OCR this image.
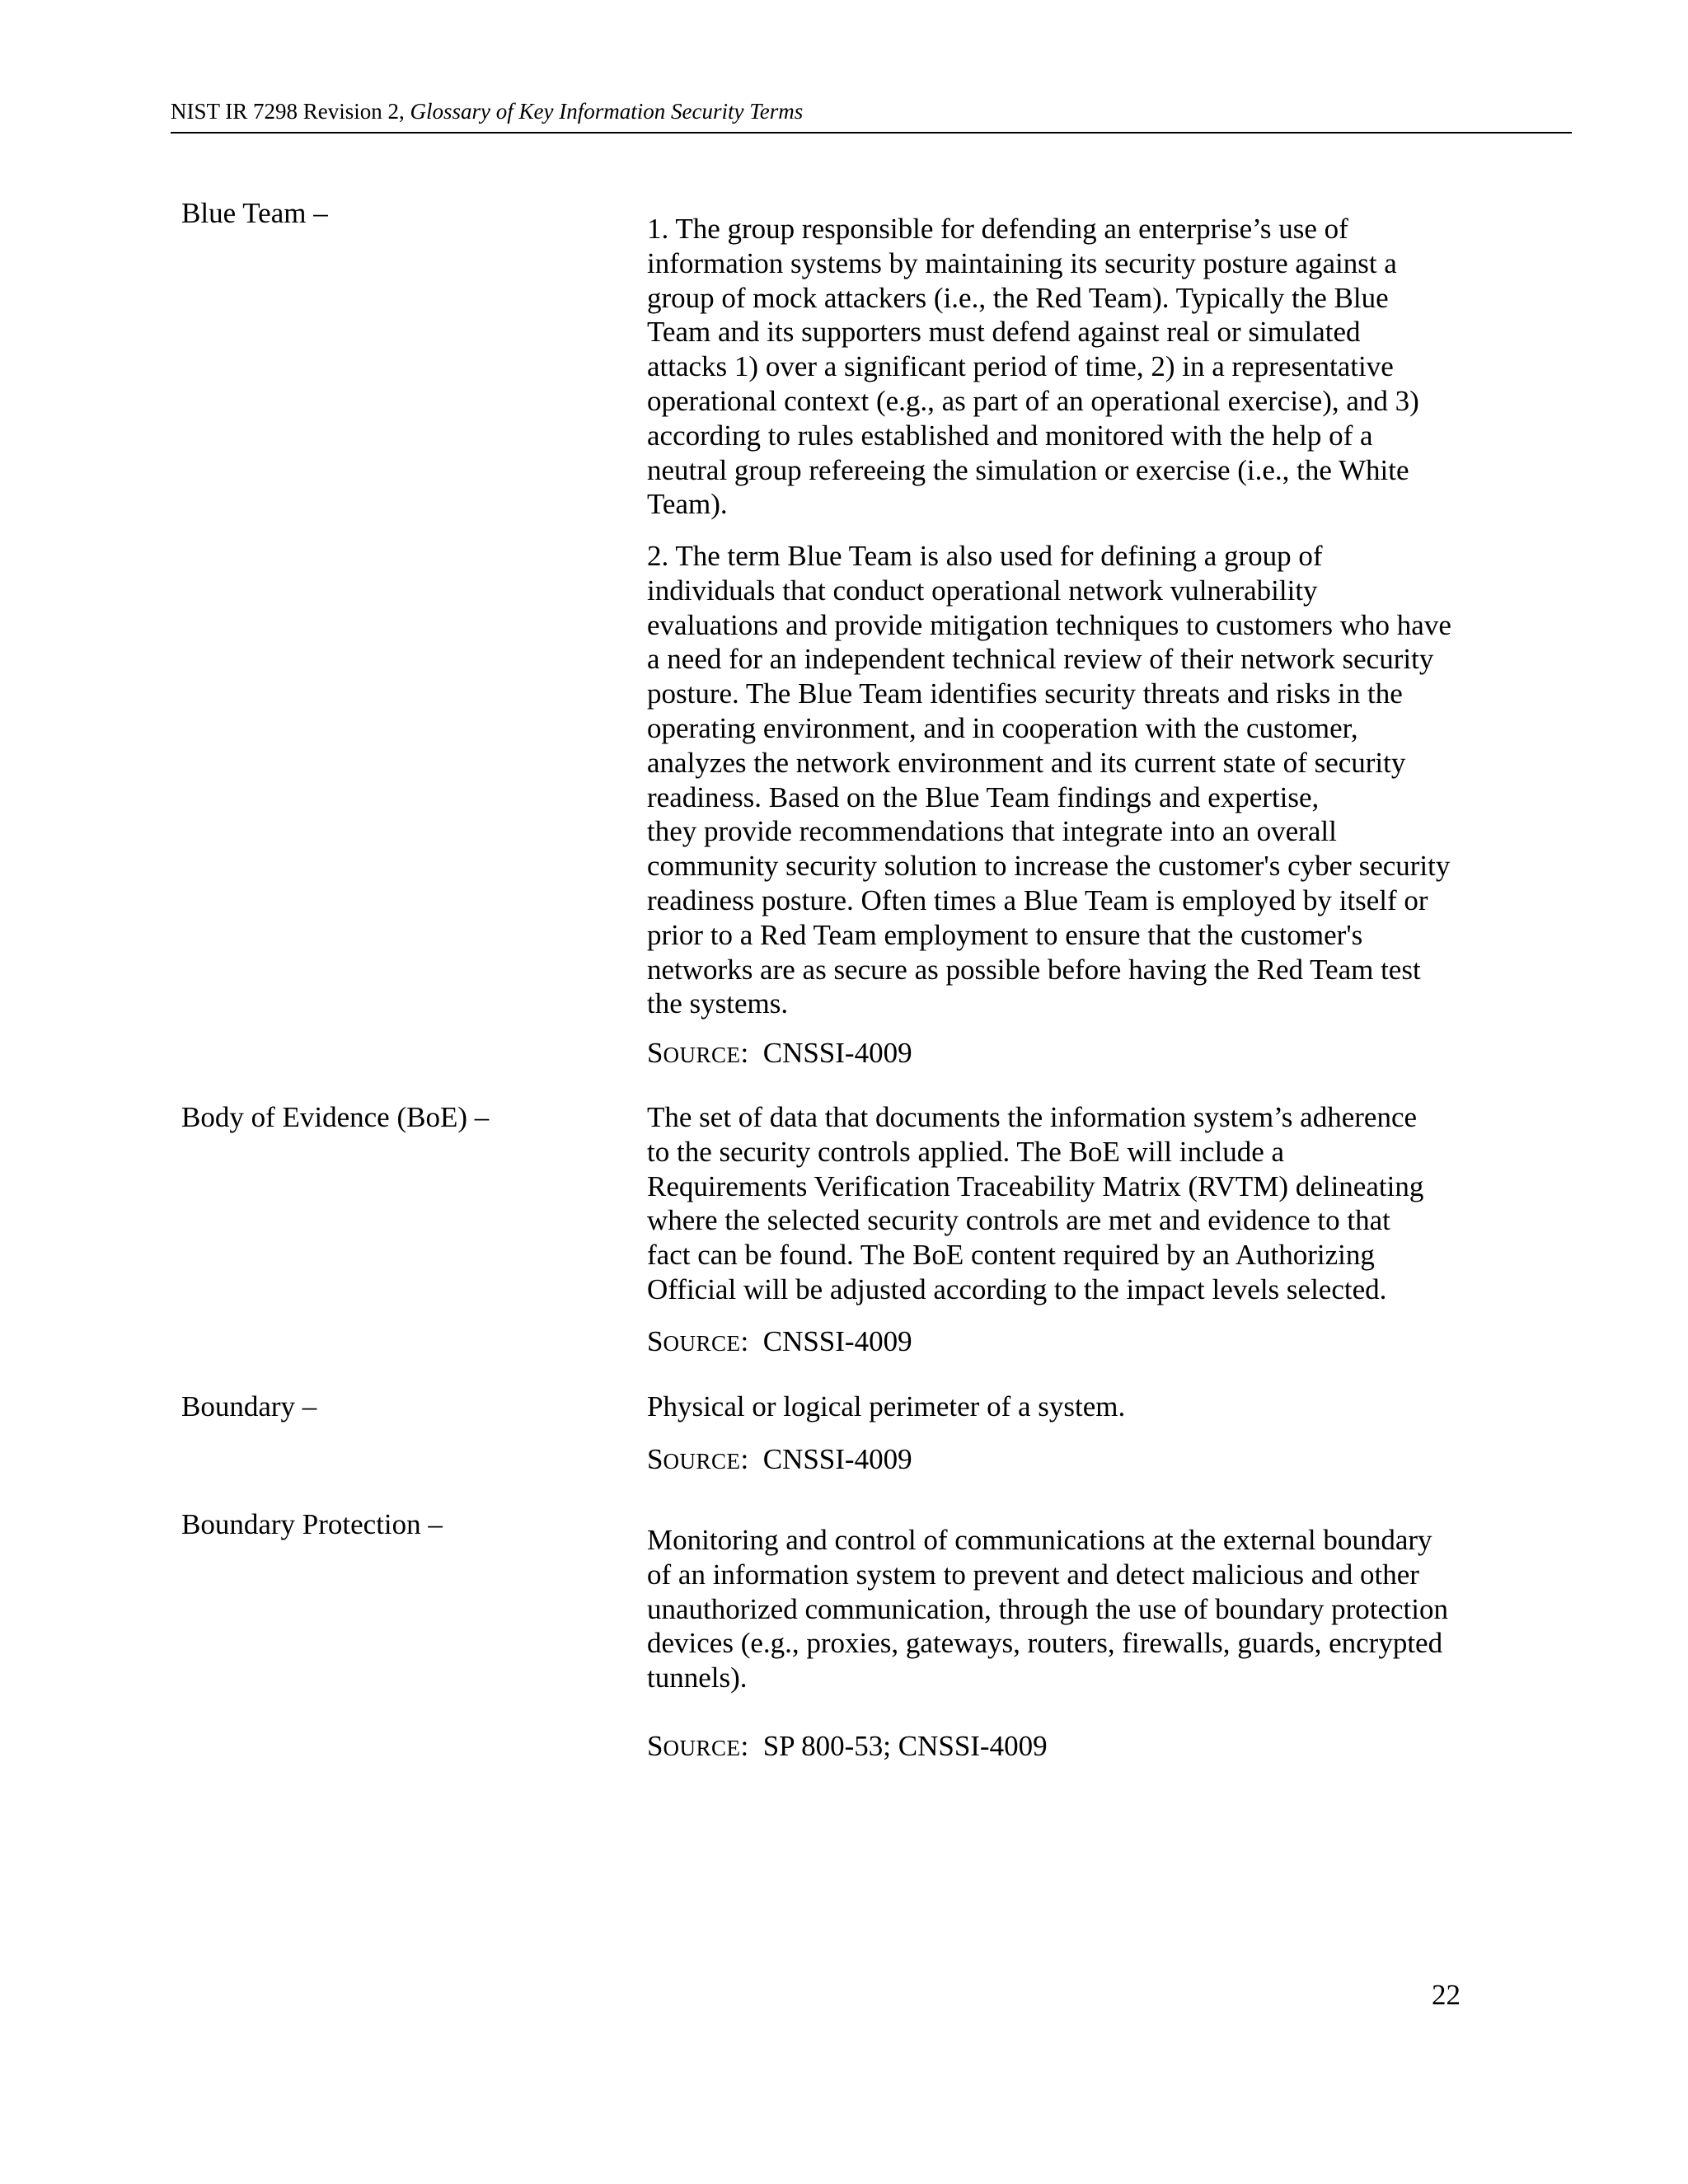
NIST IR 7298 Revision 2, Glossary of Key Information Security Terms
Blue Team –	1. The group responsible for defending an enterprise’s use of
information systems by maintaining its security posture against a
group of mock attackers (i.e., the Red Team). Typically the Blue
Team and its supporters must defend against real or simulated
attacks 1) over a significant period of time, 2) in a representative
operational context (e.g., as part of an operational exercise), and 3)
according to rules established and monitored with the help of a
neutral group refereeing the simulation or exercise (i.e., the White
Team).

2. The term Blue Team is also used for defining a group of
individuals that conduct operational network vulnerability
evaluations and provide mitigation techniques to customers who have
a need for an independent technical review of their network security
posture. The Blue Team identifies security threats and risks in the
operating environment, and in cooperation with the customer,
analyzes the network environment and its current state of security
readiness. Based on the Blue Team findings and expertise,
they provide recommendations that integrate into an overall
community security solution to increase the customer's cyber security
readiness posture. Often times a Blue Team is employed by itself or
prior to a Red Team employment to ensure that the customer's
networks are as secure as possible before having the Red Team test
the systems.

SOURCE: CNSSI-4009
Body of Evidence (BoE) –	The set of data that documents the information system’s adherence
to the security controls applied. The BoE will include a
Requirements Verification Traceability Matrix (RVTM) delineating
where the selected security controls are met and evidence to that
fact can be found. The BoE content required by an Authorizing
Official will be adjusted according to the impact levels selected.

SOURCE: CNSSI-4009
Boundary –	Physical or logical perimeter of a system.

SOURCE: CNSSI-4009
Boundary Protection –	Monitoring and control of communications at the external boundary
of an information system to prevent and detect malicious and other
unauthorized communication, through the use of boundary protection
devices (e.g., proxies, gateways, routers, firewalls, guards, encrypted
tunnels).

SOURCE: SP 800-53; CNSSI-4009
22
